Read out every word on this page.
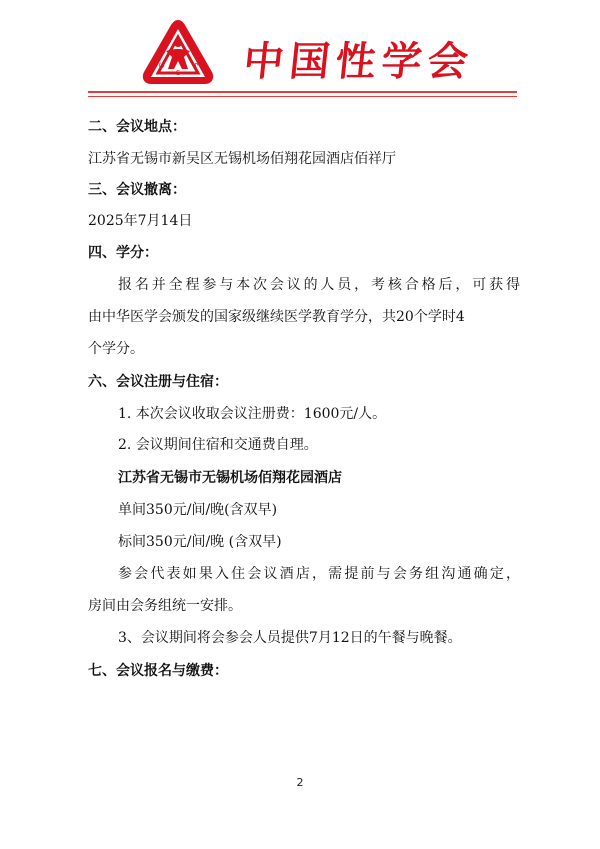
C
S
S 中国性学会
二、会议地点：
江苏省无锡市新吴区无锡机场佰翔花园酒店佰祥厅
三、会议撤离：
2025年7月14日
四、学分：
报名并全程参与本次会议的人员，考核合格后，可获得
由中华医学会颁发的国家级继续医学教育学分，共20个学时4
个学分。
六、会议注册与住宿：
1. 本次会议收取会议注册费：1600元/人。
2. 会议期间住宿和交通费自理。
江苏省无锡市无锡机场佰翔花园酒店
单间350元/间/晚(含双早)
标间350元/间/晚 (含双早)
参会代表如果入住会议酒店，需提前与会务组沟通确定，
房间由会务组统一安排。
3、会议期间将会参会人员提供7月12日的午餐与晚餐。
七、会议报名与缴费：
2
